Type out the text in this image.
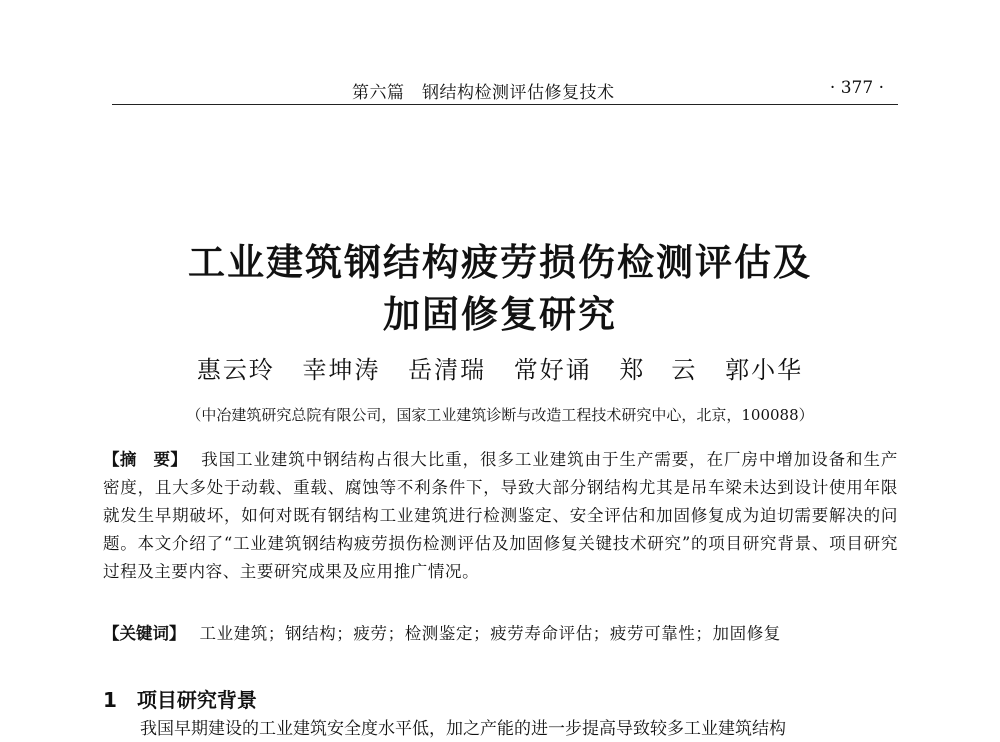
第六篇　钢结构检测评估修复技术	· 377 ·
工业建筑钢结构疲劳损伤检测评估及
加固修复研究
惠云玲 幸坤涛 岳清瑞 常好诵 郑　云 郭小华
（中冶建筑研究总院有限公司，国家工业建筑诊断与改造工程技术研究中心，北京，100088）
【摘　要】 我国工业建筑中钢结构占很大比重，很多工业建筑由于生产需要，在厂房中增加设备和生产密度，且大多处于动载、重载、腐蚀等不利条件下，导致大部分钢结构尤其是吊车梁未达到设计使用年限就发生早期破坏，如何对既有钢结构工业建筑进行检测鉴定、安全评估和加固修复成为迫切需要解决的问题。本文介绍了“工业建筑钢结构疲劳损伤检测评估及加固修复关键技术研究”的项目研究背景、项目研究过程及主要内容、主要研究成果及应用推广情况。
【关键词】 工业建筑；钢结构；疲劳；检测鉴定；疲劳寿命评估；疲劳可靠性；加固修复
1 项目研究背景
我国早期建设的工业建筑安全度水平低，加之产能的进一步提高导致较多工业建筑结构
